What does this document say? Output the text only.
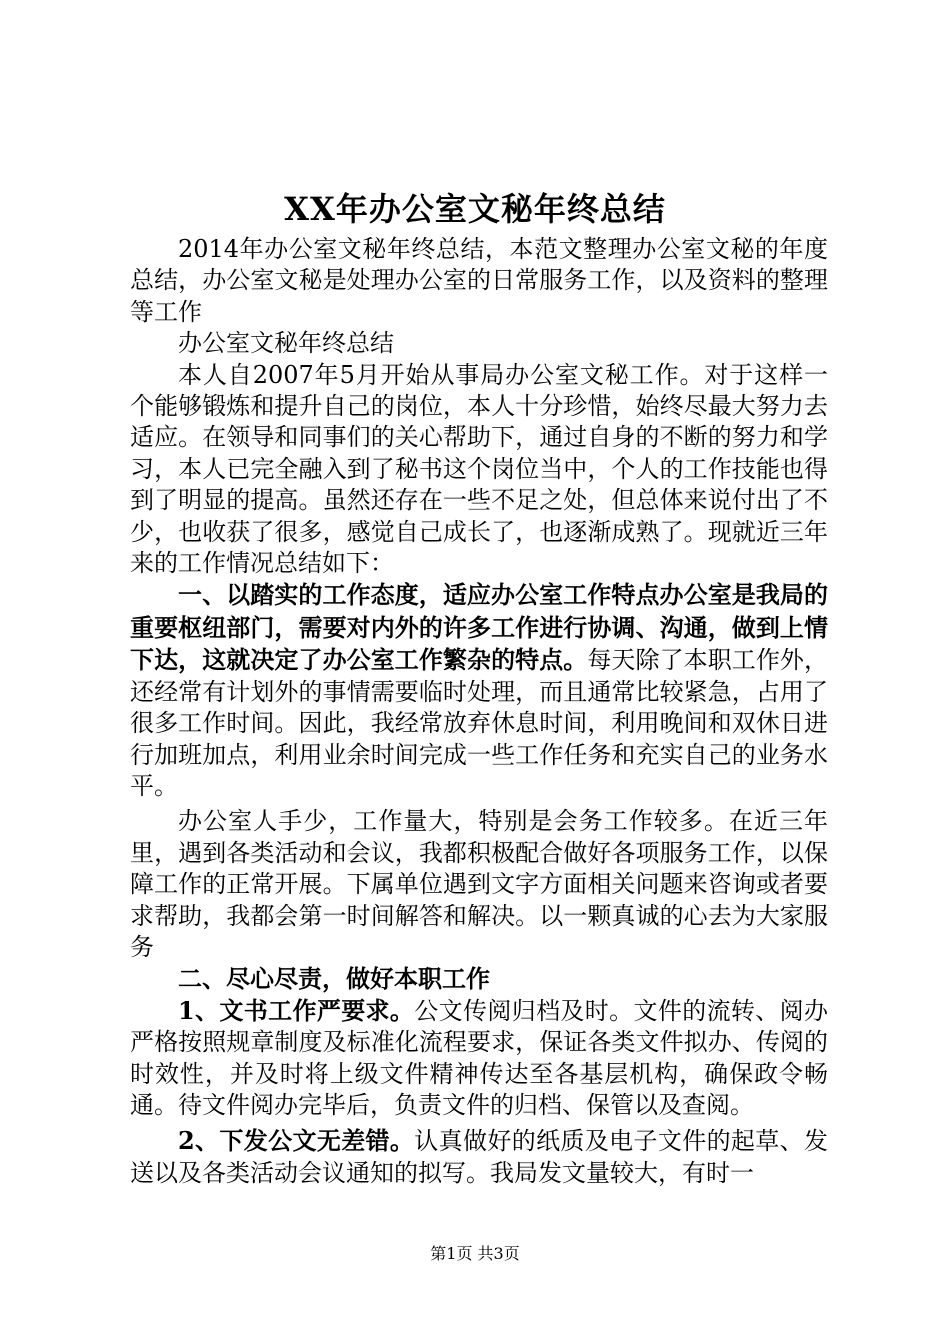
XX年办公室文秘年终总结

2014年办公室文秘年终总结，本范文整理办公室文秘的年度总结，办公室文秘是处理办公室的日常服务工作，以及资料的整理等工作

办公室文秘年终总结

本人自2007年5月开始从事局办公室文秘工作。对于这样一个能够锻炼和提升自己的岗位，本人十分珍惜，始终尽最大努力去适应。在领导和同事们的关心帮助下，通过自身的不断的努力和学习，本人已完全融入到了秘书这个岗位当中，个人的工作技能也得到了明显的提高。虽然还存在一些不足之处，但总体来说付出了不少，也收获了很多，感觉自己成长了，也逐渐成熟了。现就近三年来的工作情况总结如下：

一、以踏实的工作态度，适应办公室工作特点办公室是我局的重要枢纽部门，需要对内外的许多工作进行协调、沟通，做到上情下达，这就决定了办公室工作繁杂的特点。每天除了本职工作外，还经常有计划外的事情需要临时处理，而且通常比较紧急，占用了很多工作时间。因此，我经常放弃休息时间，利用晚间和双休日进行加班加点，利用业余时间完成一些工作任务和充实自己的业务水平。

办公室人手少，工作量大，特别是会务工作较多。在近三年里，遇到各类活动和会议，我都积极配合做好各项服务工作，以保障工作的正常开展。下属单位遇到文字方面相关问题来咨询或者要求帮助，我都会第一时间解答和解决。以一颗真诚的心去为大家服务

二、尽心尽责，做好本职工作

1、文书工作严要求。公文传阅归档及时。文件的流转、阅办严格按照规章制度及标准化流程要求，保证各类文件拟办、传阅的时效性，并及时将上级文件精神传达至各基层机构，确保政令畅通。待文件阅办完毕后，负责文件的归档、保管以及查阅。

2、下发公文无差错。认真做好的纸质及电子文件的起草、发送以及各类活动会议通知的拟写。我局发文量较大，有时一

第1页 共3页
